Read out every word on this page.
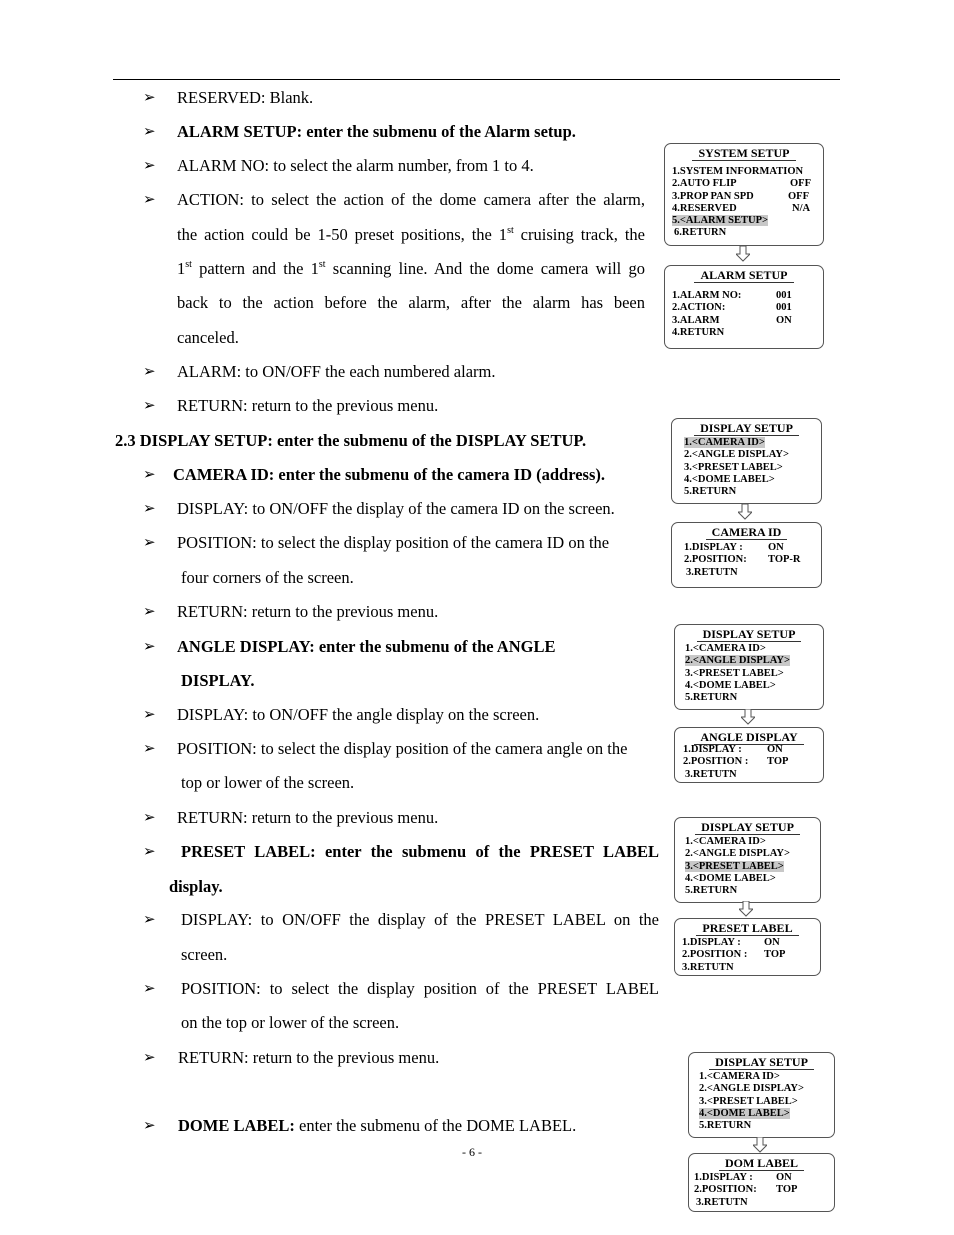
➢ RESERVED: Blank.
➢ ALARM SETUP: enter the submenu of the Alarm setup.
➢ ALARM NO: to select the alarm number, from 1 to 4.
➢ ACTION: to select the action of the dome camera after the alarm,
the action could be 1-50 preset positions, the 1st cruising track, the
1st pattern and the 1st scanning line. And the dome camera will go
back to the action before the alarm, after the alarm has been
canceled.
➢ ALARM: to ON/OFF the each numbered alarm.
➢ RETURN: return to the previous menu.
2.3 DISPLAY SETUP: enter the submenu of the DISPLAY SETUP.
➢ CAMERA ID: enter the submenu of the camera ID (address).
➢ DISPLAY: to ON/OFF the display of the camera ID on the screen.
➢ POSITION: to select the display position of the camera ID on the
four corners of the screen.
➢ RETURN: return to the previous menu.
➢ ANGLE DISPLAY: enter the submenu of the ANGLE
DISPLAY.
➢ DISPLAY: to ON/OFF the angle display on the screen.
➢ POSITION: to select the display position of the camera angle on the
top or lower of the screen.
➢ RETURN: return to the previous menu.
➢ PRESET LABEL: enter the submenu of the PRESET LABEL
display.
➢ DISPLAY: to ON/OFF the display of the PRESET LABEL on the
screen.
➢ POSITION: to select the display position of the PRESET LABEL
on the top or lower of the screen.
➢ RETURN: return to the previous menu.
➢ DOME LABEL: enter the submenu of the DOME LABEL.
- 6 -
SYSTEM SETUP
1.SYSTEM INFORMATION
2.AUTO FLIP	OFF
3.PROP PAN SPD	OFF
4.RESERVED	N/A
5.<ALARM SETUP>
6.RETURN
ALARM SETUP
1.ALARM NO:	001
2.ACTION:	001
3.ALARM	ON
4.RETURN
DISPLAY SETUP
1.<CAMERA ID>
2.<ANGLE DISPLAY>
3.<PRESET LABEL>
4.<DOME LABEL>
5.RETURN
CAMERA ID
1.DISPLAY : ON
2.POSITION: TOP-R
3.RETUTN
DISPLAY SETUP
1.<CAMERA ID>
2.<ANGLE DISPLAY>
3.<PRESET LABEL>
4.<DOME LABEL>
5.RETURN
ANGLE DISPLAY
1.DISPLAY : ON
2.POSITION : TOP
3.RETUTN
DISPLAY SETUP
1.<CAMERA ID>
2.<ANGLE DISPLAY>
3.<PRESET LABEL>
4.<DOME LABEL>
5.RETURN
PRESET LABEL
1.DISPLAY : ON
2.POSITION : TOP
3.RETUTN
DISPLAY SETUP
1.<CAMERA ID>
2.<ANGLE DISPLAY>
3.<PRESET LABEL>
4.<DOME LABEL>
5.RETURN
DOM LABEL
1.DISPLAY : ON
2.POSITION: TOP
3.RETUTN
